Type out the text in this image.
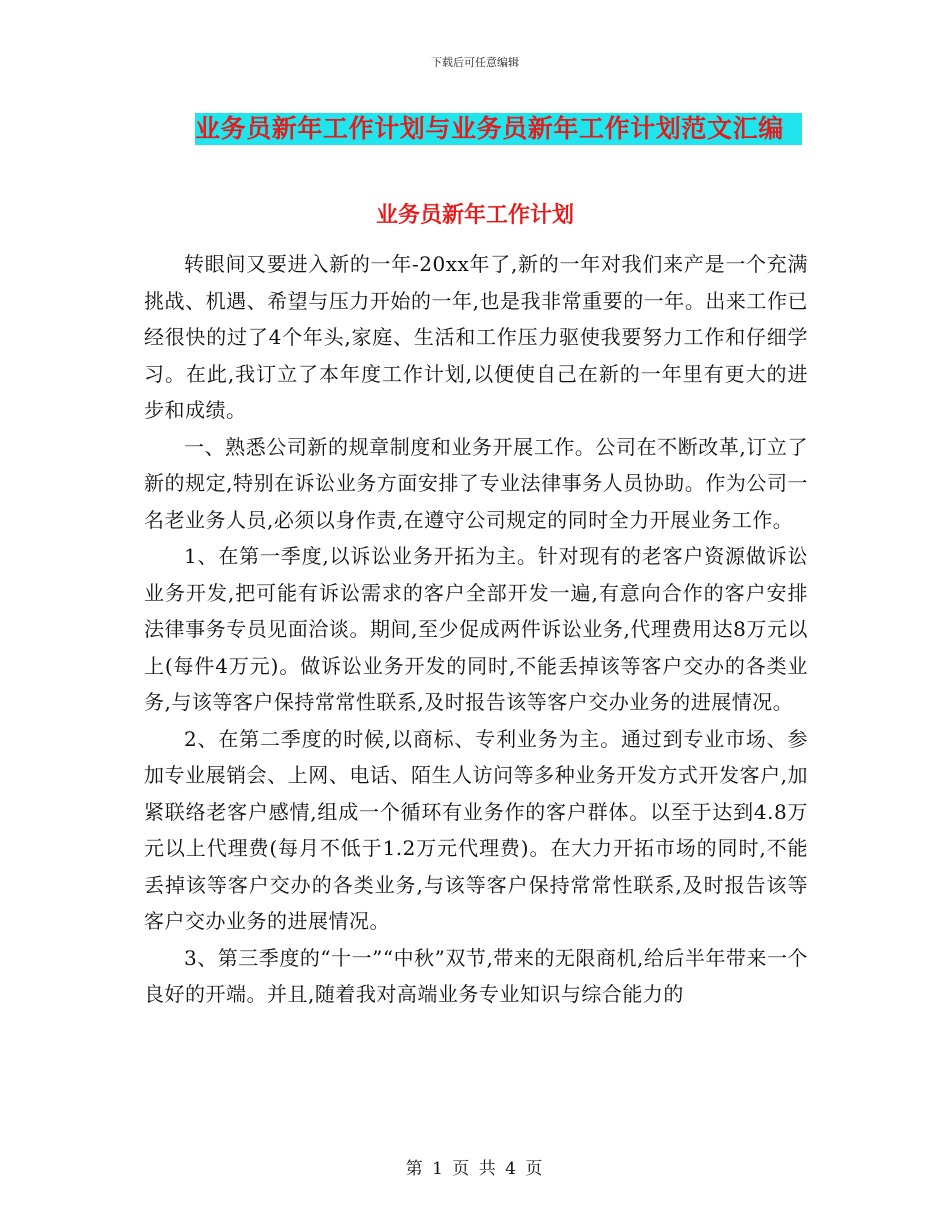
下载后可任意编辑
业务员新年工作计划与业务员新年工作计划范文汇编
业务员新年工作计划

转眼间又要进入新的一年-20xx年了,新的一年对我们来产是一个充满挑战、机遇、希望与压力开始的一年,也是我非常重要的一年。出来工作已经很快的过了4个年头,家庭、生活和工作压力驱使我要努力工作和仔细学习。在此,我订立了本年度工作计划,以便使自己在新的一年里有更大的进步和成绩。

一、熟悉公司新的规章制度和业务开展工作。公司在不断改革,订立了新的规定,特别在诉讼业务方面安排了专业法律事务人员协助。作为公司一名老业务人员,必须以身作责,在遵守公司规定的同时全力开展业务工作。

1、在第一季度,以诉讼业务开拓为主。针对现有的老客户资源做诉讼业务开发,把可能有诉讼需求的客户全部开发一遍,有意向合作的客户安排法律事务专员见面洽谈。期间,至少促成两件诉讼业务,代理费用达8万元以上(每件4万元)。做诉讼业务开发的同时,不能丢掉该等客户交办的各类业务,与该等客户保持常常性联系,及时报告该等客户交办业务的进展情况。

2、在第二季度的时候,以商标、专利业务为主。通过到专业市场、参加专业展销会、上网、电话、陌生人访问等多种业务开发方式开发客户,加紧联络老客户感情,组成一个循环有业务作的客户群体。以至于达到4.8万元以上代理费(每月不低于1.2万元代理费)。在大力开拓市场的同时,不能丢掉该等客户交办的各类业务,与该等客户保持常常性联系,及时报告该等客户交办业务的进展情况。

3、第三季度的“十一”“中秋”双节,带来的无限商机,给后半年带来一个良好的开端。并且,随着我对高端业务专业知识与综合能力的

第 1 页 共 4 页
